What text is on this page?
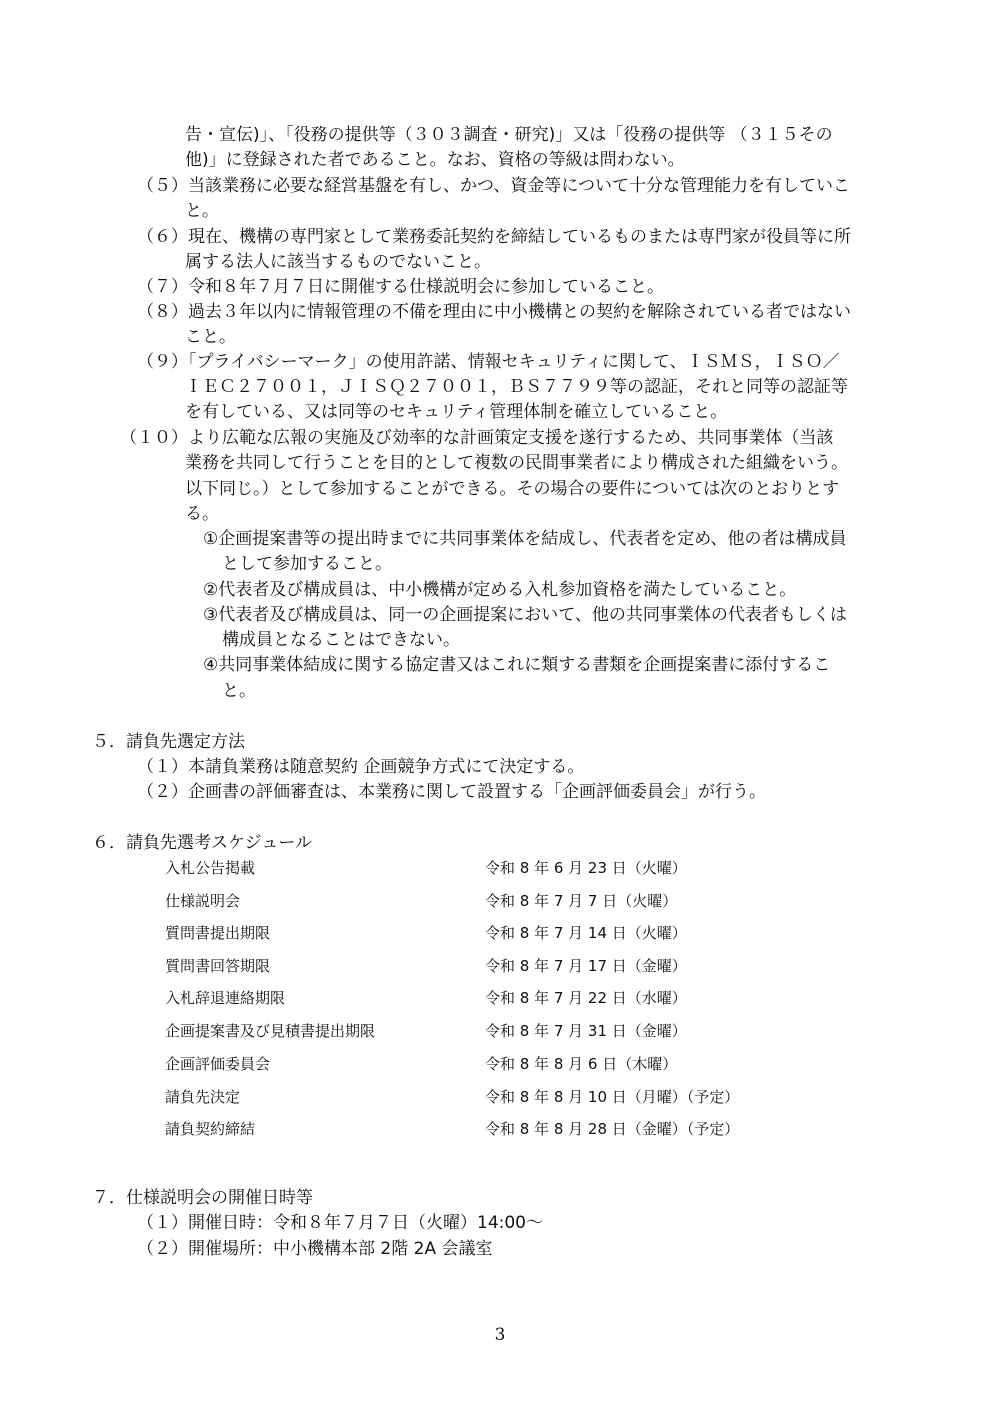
告・宣伝)」、「役務の提供等（３０３調査・研究)」又は「役務の提供等 （３１５その
他)」に登録された者であること。なお、資格の等級は問わない。
（５）当該業務に必要な経営基盤を有し、かつ、資金等について十分な管理能力を有していこ
と。
（６）現在、機構の専門家として業務委託契約を締結しているものまたは専門家が役員等に所
属する法人に該当するものでないこと。
（７）令和８年７月７日に開催する仕様説明会に参加していること。
（８）過去３年以内に情報管理の不備を理由に中小機構との契約を解除されている者ではない
こと。
（９）「プライバシーマーク」の使用許諾、情報セキュリティに関して、ＩＳＭＳ，ＩＳＯ／
ＩＥＣ２７００１，ＪＩＳＱ２７００１，ＢＳ７７９９等の認証，それと同等の認証等
を有している、又は同等のセキュリティ管理体制を確立していること。
（１０）より広範な広報の実施及び効率的な計画策定支援を遂行するため、共同事業体（当該
業務を共同して行うことを目的として複数の民間事業者により構成された組織をいう。
以下同じ。）として参加することができる。その場合の要件については次のとおりとす
る。
①企画提案書等の提出時までに共同事業体を結成し、代表者を定め、他の者は構成員
として参加すること。
②代表者及び構成員は、中小機構が定める入札参加資格を満たしていること。
③代表者及び構成員は、同一の企画提案において、他の共同事業体の代表者もしくは
構成員となることはできない。
④共同事業体結成に関する協定書又はこれに類する書類を企画提案書に添付するこ
と。
５．請負先選定方法
（１）本請負業務は随意契約 企画競争方式にて決定する。
（２）企画書の評価審査は、本業務に関して設置する「企画評価委員会」が行う。
６．請負先選考スケジュール
入札公告掲載	令和 8 年 6 月 23 日（火曜）
仕様説明会	令和 8 年 7 月 7 日（火曜）
質問書提出期限	令和 8 年 7 月 14 日（火曜）
質問書回答期限	令和 8 年 7 月 17 日（金曜）
入札辞退連絡期限	令和 8 年 7 月 22 日（水曜）
企画提案書及び見積書提出期限	令和 8 年 7 月 31 日（金曜）
企画評価委員会	令和 8 年 8 月 6 日（木曜）
請負先決定	令和 8 年 8 月 10 日（月曜）（予定）
請負契約締結	令和 8 年 8 月 28 日（金曜）（予定）
７．仕様説明会の開催日時等
（１）開催日時：令和８年７月７日（火曜）14:00～
（２）開催場所：中小機構本部 2階 2A 会議室
3
